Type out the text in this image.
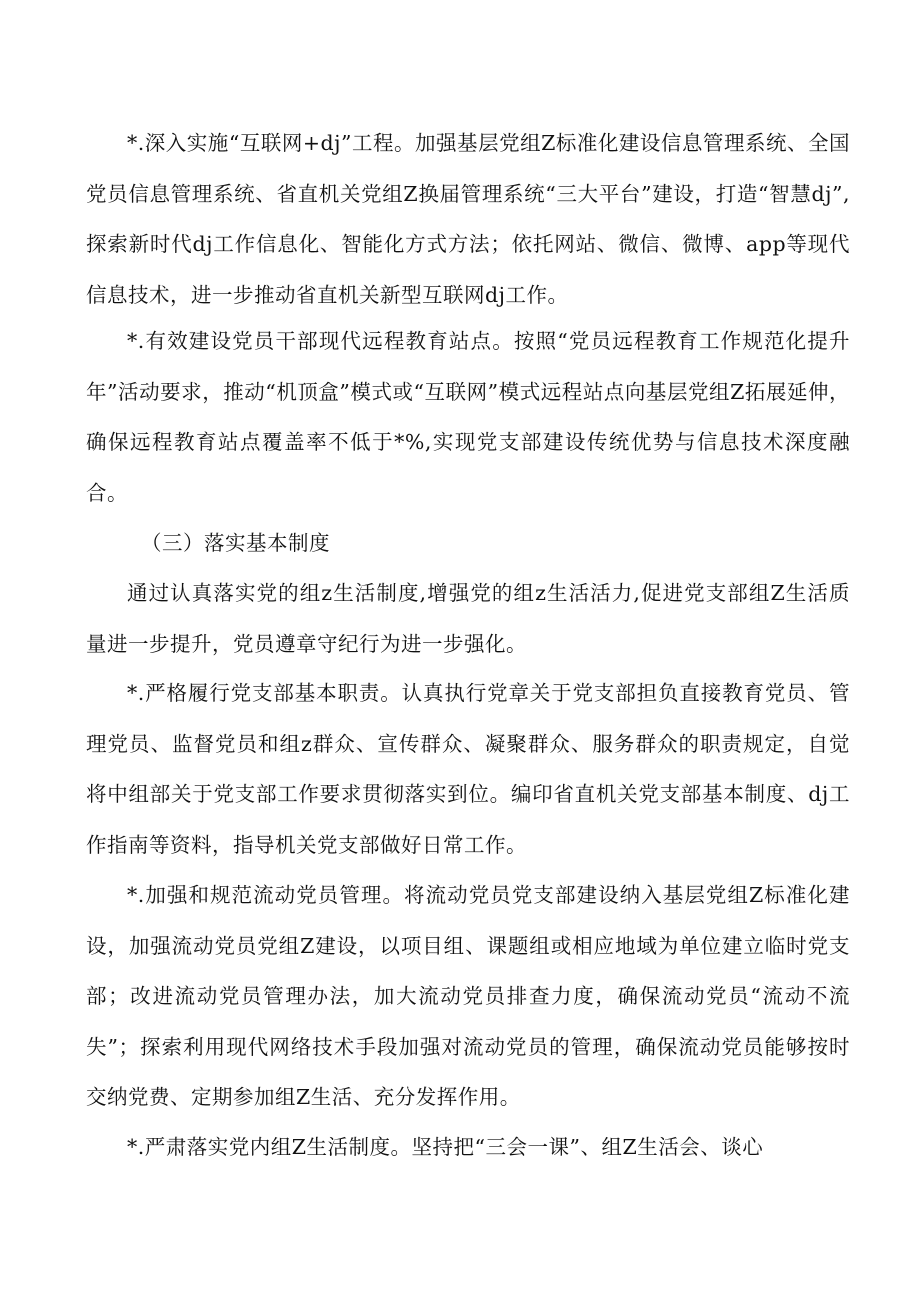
*.深入实施“互联网+dj”工程。加强基层党组Z标准化建设信息管理系统、全国党员信息管理系统、省直机关党组Z换届管理系统“三大平台”建设，打造“智慧dj”,探索新时代dj工作信息化、智能化方式方法；依托网站、微信、微博、app等现代信息技术，进一步推动省直机关新型互联网dj工作。

*.有效建设党员干部现代远程教育站点。按照“党员远程教育工作规范化提升年”活动要求，推动“机顶盒”模式或“互联网”模式远程站点向基层党组Z拓展延伸，确保远程教育站点覆盖率不低于*%,实现党支部建设传统优势与信息技术深度融合。

（三）落实基本制度

通过认真落实党的组z生活制度,增强党的组z生活活力,促进党支部组Z生活质量进一步提升，党员遵章守纪行为进一步强化。

*.严格履行党支部基本职责。认真执行党章关于党支部担负直接教育党员、管理党员、监督党员和组z群众、宣传群众、凝聚群众、服务群众的职责规定，自觉将中组部关于党支部工作要求贯彻落实到位。编印省直机关党支部基本制度、dj工作指南等资料，指导机关党支部做好日常工作。

*.加强和规范流动党员管理。将流动党员党支部建设纳入基层党组Z标准化建设，加强流动党员党组Z建设，以项目组、课题组或相应地域为单位建立临时党支部；改进流动党员管理办法，加大流动党员排查力度，确保流动党员“流动不流失”；探索利用现代网络技术手段加强对流动党员的管理，确保流动党员能够按时交纳党费、定期参加组Z生活、充分发挥作用。

*.严肃落实党内组Z生活制度。坚持把“三会一课”、组Z生活会、谈心
